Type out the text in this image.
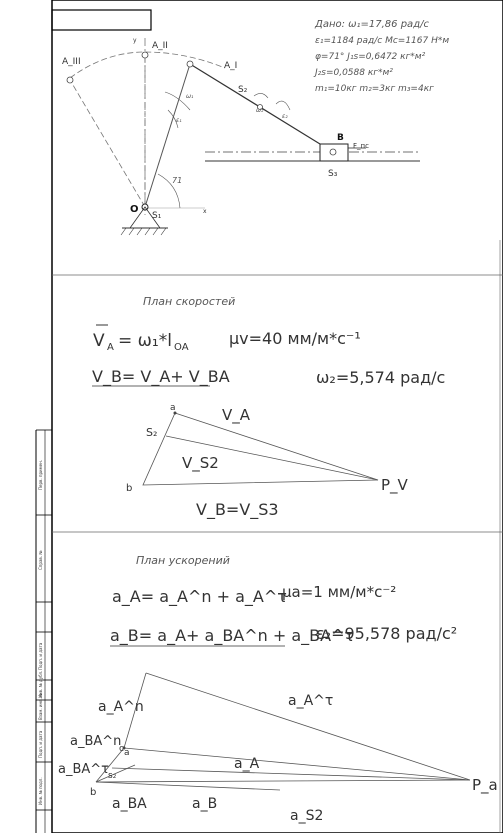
Перв. примен.
Справ. №
Подп. и дата
Инв. № дубл.
Взам. инв. №
Подп. и дата
Инв. № подл.
A_III
A_II
A_I
S₂
B
F_пс
S₃
O
S₁
71
x
y
ω₁
ε₁
ω₂
ε₂
Дано: ω₁=17,86 рад/с
ε₁=1184 рад/с Mc=1167 Н*м
φ=71° J₁s=0,6472 кг*м²
J₂s=0,0588 кг*м²
m₁=10кг m₂=3кг m₃=4кг
План скоростей
V A = ω₁*l OA	μv=40 мм/м*с⁻¹
V_B= V_A+ V_BA	ω₂=5,574 рад/с
a
S₂
b	P_V
V_A
V_S2
V_B=V_S3
План ускорений
a_A= a_A^n + a_A^τ
μa=1 мм/м*с⁻²
a_B= a_A+ a_BA^n + a_BA^τ
ε₂=95,578 рад/с²
a_A^n	a_A^τ
a_BA^n
a_BA^τ
c a
s₂
b	P_a
a_A
a_BA	a_B
a_S2
